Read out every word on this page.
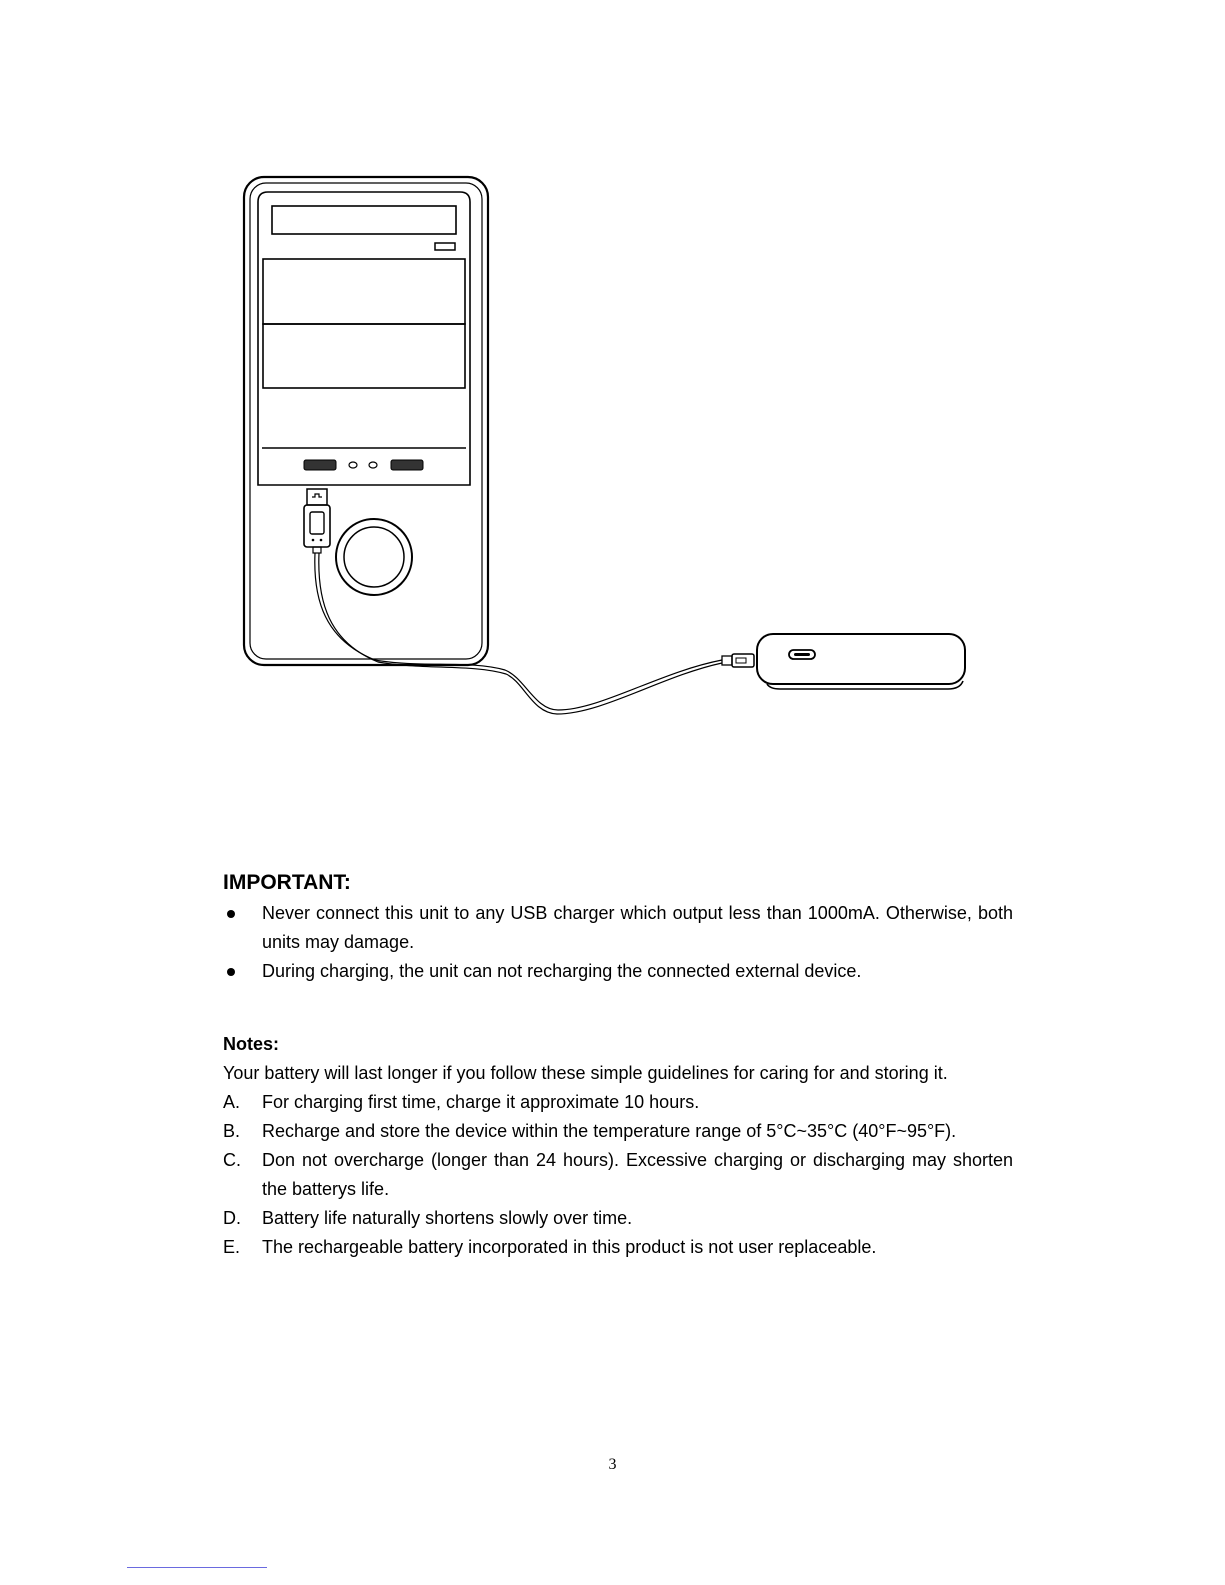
IMPORTANT:
Never connect this unit to any USB charger which output less than 1000mA. Otherwise, both units may damage.
During charging, the unit can not recharging the connected external device.
Notes:
Your battery will last longer if you follow these simple guidelines for caring for and storing it.
A. For charging first time, charge it approximate 10 hours.
B. Recharge and store the device within the temperature range of 5°C~35°C (40°F~95°F).
C. Don not overcharge (longer than 24 hours). Excessive charging or discharging may shorten the batterys life.
D. Battery life naturally shortens slowly over time.
E. The rechargeable battery incorporated in this product is not user replaceable.
3
